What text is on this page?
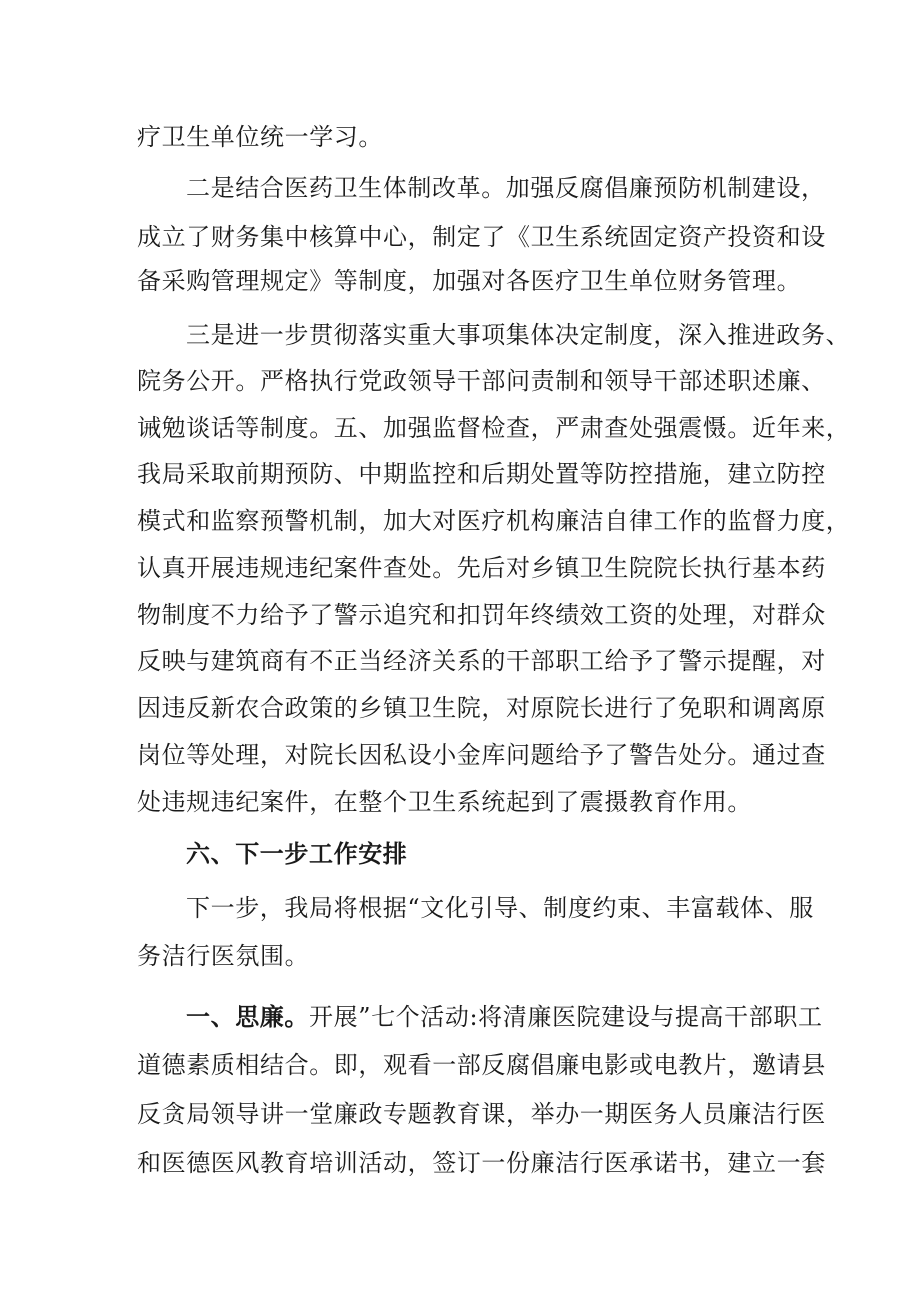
疗卫生单位统一学习。
二是结合医药卫生体制改革。加强反腐倡廉预防机制建设，
成立了财务集中核算中心，制定了《卫生系统固定资产投资和设
备采购管理规定》等制度，加强对各医疗卫生单位财务管理。
三是进一步贯彻落实重大事项集体决定制度，深入推进政务、
院务公开。严格执行党政领导干部问责制和领导干部述职述廉、
诫勉谈话等制度。五、加强监督检查，严肃查处强震慑。近年来，
我局采取前期预防、中期监控和后期处置等防控措施，建立防控
模式和监察预警机制，加大对医疗机构廉洁自律工作的监督力度，
认真开展违规违纪案件查处。先后对乡镇卫生院院长执行基本药
物制度不力给予了警示追究和扣罚年终绩效工资的处理，对群众
反映与建筑商有不正当经济关系的干部职工给予了警示提醒，对
因违反新农合政策的乡镇卫生院，对原院长进行了免职和调离原
岗位等处理，对院长因私设小金库问题给予了警告处分。通过查
处违规违纪案件，在整个卫生系统起到了震摄教育作用。
六、下一步工作安排
下一步，我局将根据“文化引导、制度约束、丰富载体、服
务洁行医氛围。
一、思廉。开展”七个活动:将清廉医院建设与提高干部职工
道德素质相结合。即，观看一部反腐倡廉电影或电教片，邀请县
反贪局领导讲一堂廉政专题教育课，举办一期医务人员廉洁行医
和医德医风教育培训活动，签订一份廉洁行医承诺书，建立一套
